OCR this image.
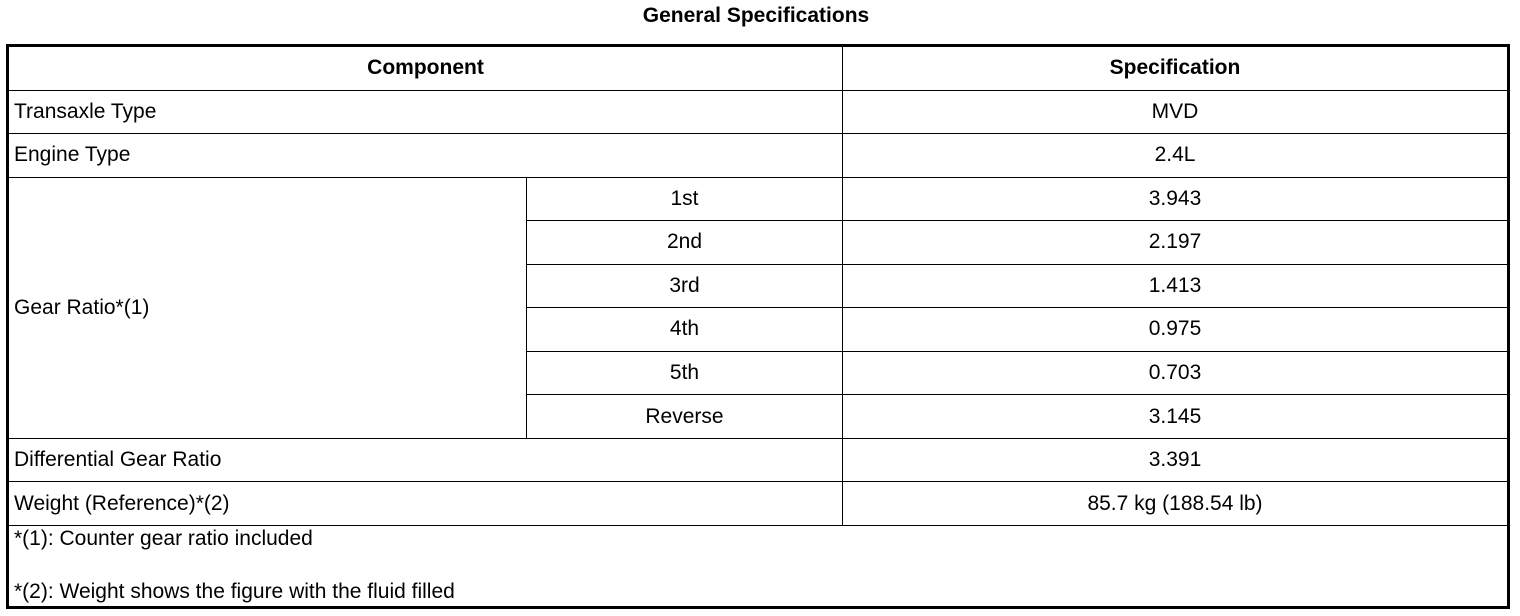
General Specifications
Component		Specification
Transaxle Type		MVD
Engine Type		2.4L
Gear Ratio*(1)	1st	3.943
	2nd	2.197
	3rd	1.413
	4th	0.975
	5th	0.703
	Reverse	3.145
Differential Gear Ratio		3.391
Weight (Reference)*(2)		85.7 kg (188.54 lb)

*(1): Counter gear ratio included
*(2): Weight shows the figure with the fluid filled		
